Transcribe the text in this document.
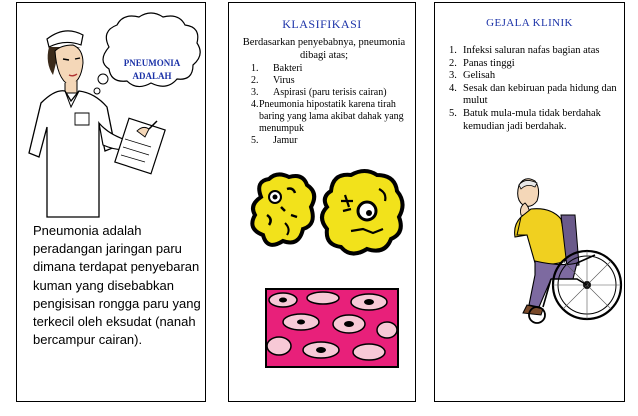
PNEUMONIA
ADALAH
Pneumonia adalah peradangan jaringan paru dimana terdapat penyebaran kuman yang disebabkan pengisisan rongga paru yang terkecil oleh eksudat (nanah bercampur cairan).
KLASIFIKASI
Berdasarkan penyebabnya, pneumonia dibagi atas;
1.	Bakteri
2.	Virus
3.	Aspirasi (paru terisis cairan)
4. Pneumonia hipostatik karena tirah baring yang lama akibat dahak yang menumpuk
5.	Jamur
GEJALA KLINIK
1. Infeksi saluran nafas bagian atas
2. Panas tinggi
3. Gelisah
4. Sesak dan kebiruan pada hidung dan mulut
5. Batuk mula-mula tidak berdahak kemudian jadi berdahak.
